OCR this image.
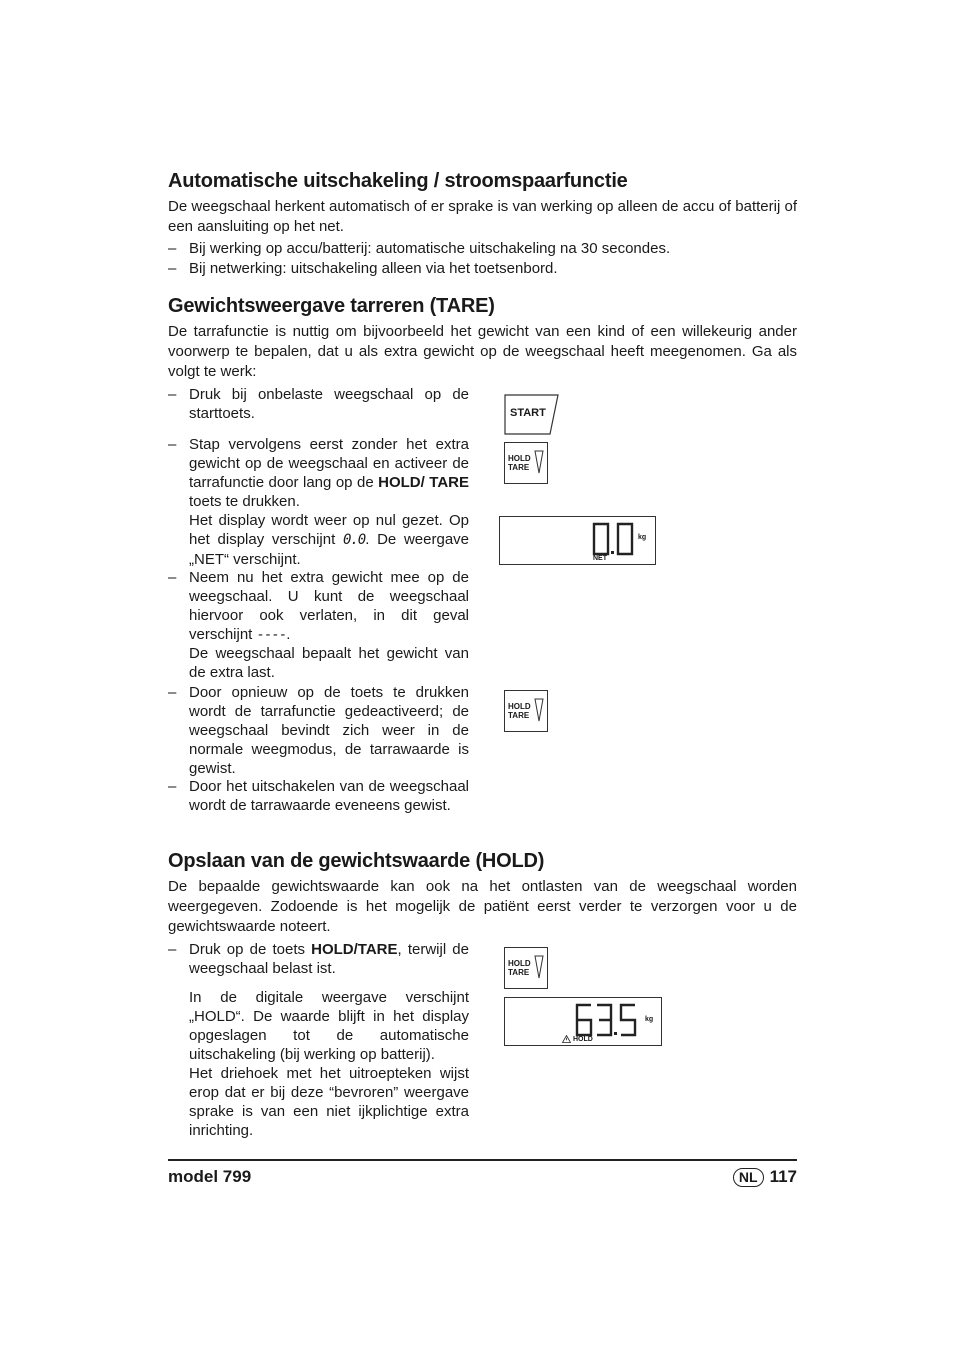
Automatische uitschakeling / stroomspaarfunctie

De weegschaal herkent automatisch of er sprake is van werking op alleen de accu of batterij of een aansluiting op het net.

– Bij werking op accu/batterij: automatische uitschakeling na 30 secondes.
– Bij netwerking: uitschakeling alleen via het toetsenbord.
Gewichtsweergave tarreren (TARE)

De tarrafunctie is nuttig om bijvoorbeeld het gewicht van een kind of een willekeurig ander voorwerp te bepalen, dat u als extra gewicht op de weegschaal heeft meegenomen. Ga als volgt te werk:

– Druk bij onbelaste weegschaal op de starttoets.
– Stap vervolgens eerst zonder het extra gewicht op de weegschaal en activeer de tarrafunctie door lang op de HOLD/ TARE toets te drukken.
Het display wordt weer op nul gezet. Op het display verschijnt 0.0. De weergave „NET“ verschijnt.
– Neem nu het extra gewicht mee op de weegschaal. U kunt de weegschaal hiervoor ook verlaten, in dit geval verschijnt ----.
De weegschaal bepaalt het gewicht van de extra last.
– Door opnieuw op de toets te drukken wordt de tarrafunctie gedeactiveerd; de weegschaal bevindt zich weer in de normale weegmodus, de tarrawaarde is gewist.
– Door het uitschakelen van de weegschaal wordt de tarrawaarde eveneens gewist.
Opslaan van de gewichtswaarde (HOLD)

De bepaalde gewichtswaarde kan ook na het ontlasten van de weegschaal worden weergegeven. Zodoende is het mogelijk de patiënt eerst verder te verzorgen voor u de gewichtswaarde noteert.

– Druk op de toets HOLD/TARE, terwijl de weegschaal belast ist.
In de digitale weergave verschijnt „HOLD“. De waarde blijft in het display opgeslagen tot de automatische uitschakeling (bij werking op batterij).
Het driehoek met het uitroepteken wijst erop dat er bij deze “bevroren” weergave sprake is van een niet ijkplichtige extra inrichting.
START
HOLD
TARE
kg
NET
HOLD
TARE
HOLD
TARE
kg
HOLD
model 799	NL 117
